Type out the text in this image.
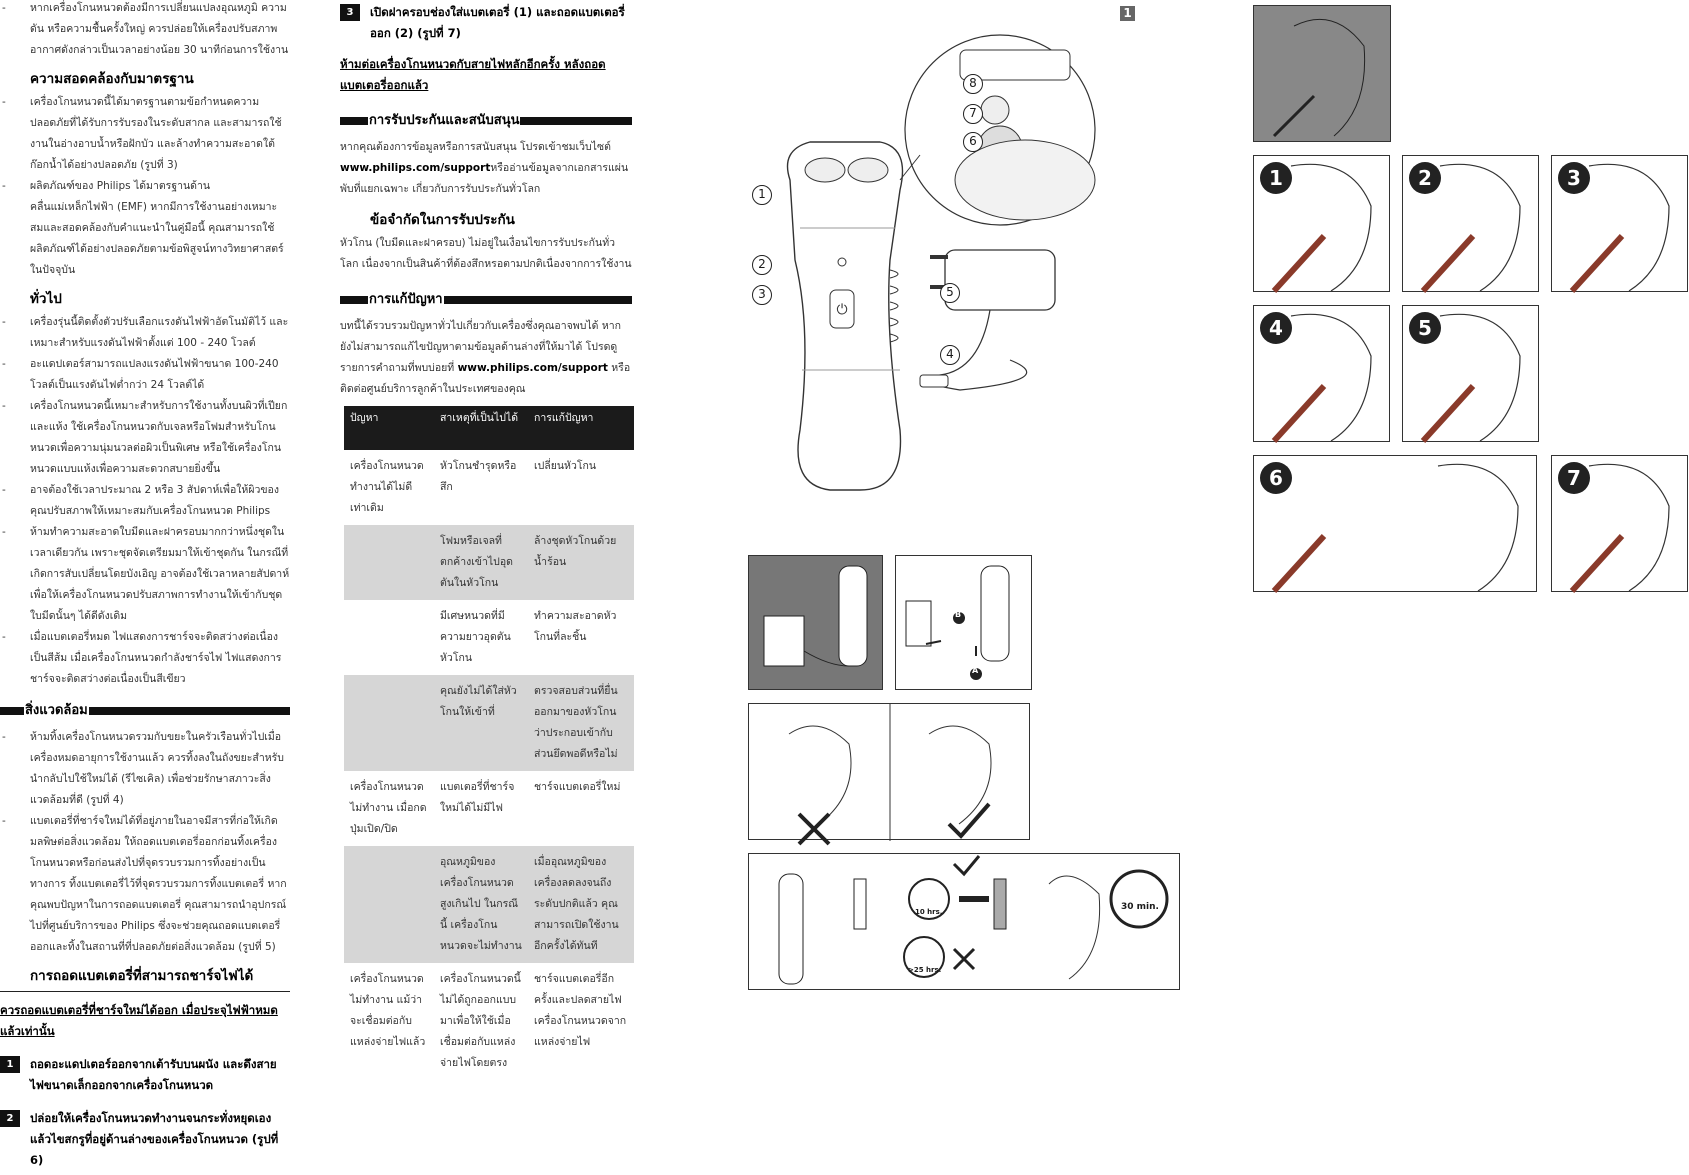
- หากเครื่องโกนหนวดต้องมีการเปลี่ยนแปลงอุณหภูมิ ความดัน หรือความชื้นครั้งใหญ่ ควรปล่อยให้เครื่องปรับสภาพอากาศดังกล่าวเป็นเวลาอย่างน้อย 30 นาทีก่อนการใช้งาน
ความสอดคล้องกับมาตรฐาน
- เครื่องโกนหนวดนี้ได้มาตรฐานตามข้อกำหนดความปลอดภัยที่ได้รับการรับรองในระดับสากล และสามารถใช้งานในอ่างอาบน้ำหรือฝักบัว และล้างทำความสะอาดใต้ก๊อกน้ำได้อย่างปลอดภัย (รูปที่ 3)
- ผลิตภัณฑ์ของ Philips ได้มาตรฐานด้านคลื่นแม่เหล็กไฟฟ้า (EMF) หากมีการใช้งานอย่างเหมาะสมและสอดคล้องกับคำแนะนำในคู่มือนี้ คุณสามารถใช้ผลิตภัณฑ์ได้อย่างปลอดภัยตามข้อพิสูจน์ทางวิทยาศาสตร์ในปัจจุบัน
ทั่วไป
- เครื่องรุ่นนี้ติดตั้งตัวปรับเลือกแรงดันไฟฟ้าอัตโนมัติไว้ และเหมาะสำหรับแรงดันไฟฟ้าตั้งแต่ 100 - 240 โวลต์
- อะแดปเตอร์สามารถแปลงแรงดันไฟฟ้าขนาด 100-240 โวลต์เป็นแรงดันไฟต่ำกว่า 24 โวลต์ได้
- เครื่องโกนหนวดนี้เหมาะสำหรับการใช้งานทั้งบนผิวที่เปียกและแห้ง ใช้เครื่องโกนหนวดกับเจลหรือโฟมสำหรับโกนหนวดเพื่อความนุ่มนวลต่อผิวเป็นพิเศษ หรือใช้เครื่องโกนหนวดแบบแห้งเพื่อความสะดวกสบายยิ่งขึ้น
- อาจต้องใช้เวลาประมาณ 2 หรือ 3 สัปดาห์เพื่อให้ผิวของคุณปรับสภาพให้เหมาะสมกับเครื่องโกนหนวด Philips
- ห้ามทำความสะอาดใบมีดและฝาครอบมากกว่าหนึ่งชุดในเวลาเดียวกัน เพราะชุดจัดเตรียมมาให้เข้าชุดกัน ในกรณีที่เกิดการสับเปลี่ยนโดยบังเอิญ อาจต้องใช้เวลาหลายสัปดาห์เพื่อให้เครื่องโกนหนวดปรับสภาพการทำงานให้เข้ากับชุดใบมีดนั้นๆ ได้ดีดังเดิม
- เมื่อแบตเตอรี่หมด ไฟแสดงการชาร์จจะติดสว่างต่อเนื่องเป็นสีส้ม เมื่อเครื่องโกนหนวดกำลังชาร์จไฟ ไฟแสดงการชาร์จจะติดสว่างต่อเนื่องเป็นสีเขียว
สิ่งแวดล้อม
- ห้ามทิ้งเครื่องโกนหนวดรวมกับขยะในครัวเรือนทั่วไปเมื่อเครื่องหมดอายุการใช้งานแล้ว ควรทิ้งลงในถังขยะสำหรับนำกลับไปใช้ใหม่ได้ (รีไซเคิล) เพื่อช่วยรักษาสภาวะสิ่งแวดล้อมที่ดี (รูปที่ 4)
- แบตเตอรี่ที่ชาร์จใหม่ได้ที่อยู่ภายในอาจมีสารที่ก่อให้เกิดมลพิษต่อสิ่งแวดล้อม ให้ถอดแบตเตอรี่ออกก่อนทิ้งเครื่องโกนหนวดหรือก่อนส่งไปที่จุดรวบรวมการทิ้งอย่างเป็นทางการ ทิ้งแบตเตอรี่ไว้ที่จุดรวบรวมการทิ้งแบตเตอรี่ หากคุณพบปัญหาในการถอดแบตเตอรี่ คุณสามารถนำอุปกรณ์ไปที่ศูนย์บริการของ Philips ซึ่งจะช่วยคุณถอดแบตเตอรี่ออกและทิ้งในสถานที่ที่ปลอดภัยต่อสิ่งแวดล้อม (รูปที่ 5)
การถอดแบตเตอรี่ที่สามารถชาร์จไฟได้
ควรถอดแบตเตอรี่ที่ชาร์จใหม่ได้ออก เมื่อประจุไฟฟ้าหมดแล้วเท่านั้น
1	ถอดอะแดปเตอร์ออกจากเต้ารับบนผนัง และดึงสายไฟขนาดเล็กออกจากเครื่องโกนหนวด
2	ปล่อยให้เครื่องโกนหนวดทำงานจนกระทั่งหยุดเอง แล้วไขสกรูที่อยู่ด้านล่างของเครื่องโกนหนวด (รูปที่ 6)
3	เปิดฝาครอบช่องใส่แบตเตอรี่ (1) และถอดแบตเตอรี่ออก (2) (รูปที่ 7)
ห้ามต่อเครื่องโกนหนวดกับสายไฟหลักอีกครั้ง หลังถอดแบตเตอรี่ออกแล้ว
การรับประกันและสนับสนุน
หากคุณต้องการข้อมูลหรือการสนับสนุน โปรดเข้าชมเว็บไซต์ www.philips.com/supportหรืออ่านข้อมูลจากเอกสารแผ่นพับที่แยกเฉพาะ เกี่ยวกับการรับประกันทั่วโลก
ข้อจำกัดในการรับประกัน
หัวโกน (ใบมีดและฝาครอบ) ไม่อยู่ในเงื่อนไขการรับประกันทั่วโลก เนื่องจากเป็นสินค้าที่ต้องสึกหรอตามปกติเนื่องจากการใช้งาน
การแก้ปัญหา
บทนี้ได้รวบรวมปัญหาทั่วไปเกี่ยวกับเครื่องซึ่งคุณอาจพบได้ หากยังไม่สามารถแก้ไขปัญหาตามข้อมูลด้านล่างที่ให้มาได้ โปรดดูรายการคำถามที่พบบ่อยที่ www.philips.com/support หรือติดต่อศูนย์บริการลูกค้าในประเทศของคุณ
ปัญหา	สาเหตุที่เป็นไปได้	การแก้ปัญหา
เครื่องโกนหนวดทำงานได้ไม่ดีเท่าเดิม	หัวโกนชำรุดหรือสึก	เปลี่ยนหัวโกน
	โฟมหรือเจลที่ตกค้างเข้าไปอุดตันในหัวโกน	ล้างชุดหัวโกนด้วยน้ำร้อน
	มีเศษหนวดที่มีความยาวอุดตันหัวโกน	ทำความสะอาดหัวโกนที่ละชิ้น
	คุณยังไม่ได้ใส่หัวโกนให้เข้าที่	ตรวจสอบส่วนที่ยื่นออกมาของหัวโกนว่าประกอบเข้ากับส่วนยึดพอดีหรือไม่
เครื่องโกนหนวดไม่ทำงาน เมื่อกดปุ่มเปิด/ปิด	แบตเตอรี่ที่ชาร์จใหม่ได้ไม่มีไฟ	ชาร์จแบตเตอรี่ใหม่
	อุณหภูมิของเครื่องโกนหนวดสูงเกินไป ในกรณีนี้ เครื่องโกนหนวดจะไม่ทำงาน	เมื่ออุณหภูมิของเครื่องลดลงจนถึงระดับปกติแล้ว คุณสามารถเปิดใช้งานอีกครั้งได้ทันที
เครื่องโกนหนวดไม่ทำงาน แม้ว่าจะเชื่อมต่อกับแหล่งจ่ายไฟแล้ว	เครื่องโกนหนวดนี้ไม่ได้ถูกออกแบบมาเพื่อให้ใช้เมื่อเชื่อมต่อกับแหล่งจ่ายไฟโดยตรง	ชาร์จแบตเตอรี่อีกครั้งและปลดสายไฟเครื่องโกนหนวดจากแหล่งจ่ายไฟ
⏻
1
2
3
4
5
6
7
8
1
B
A
10 hrs.
>25 hrs.
30 min.
1	2	3
4	5
6	7
